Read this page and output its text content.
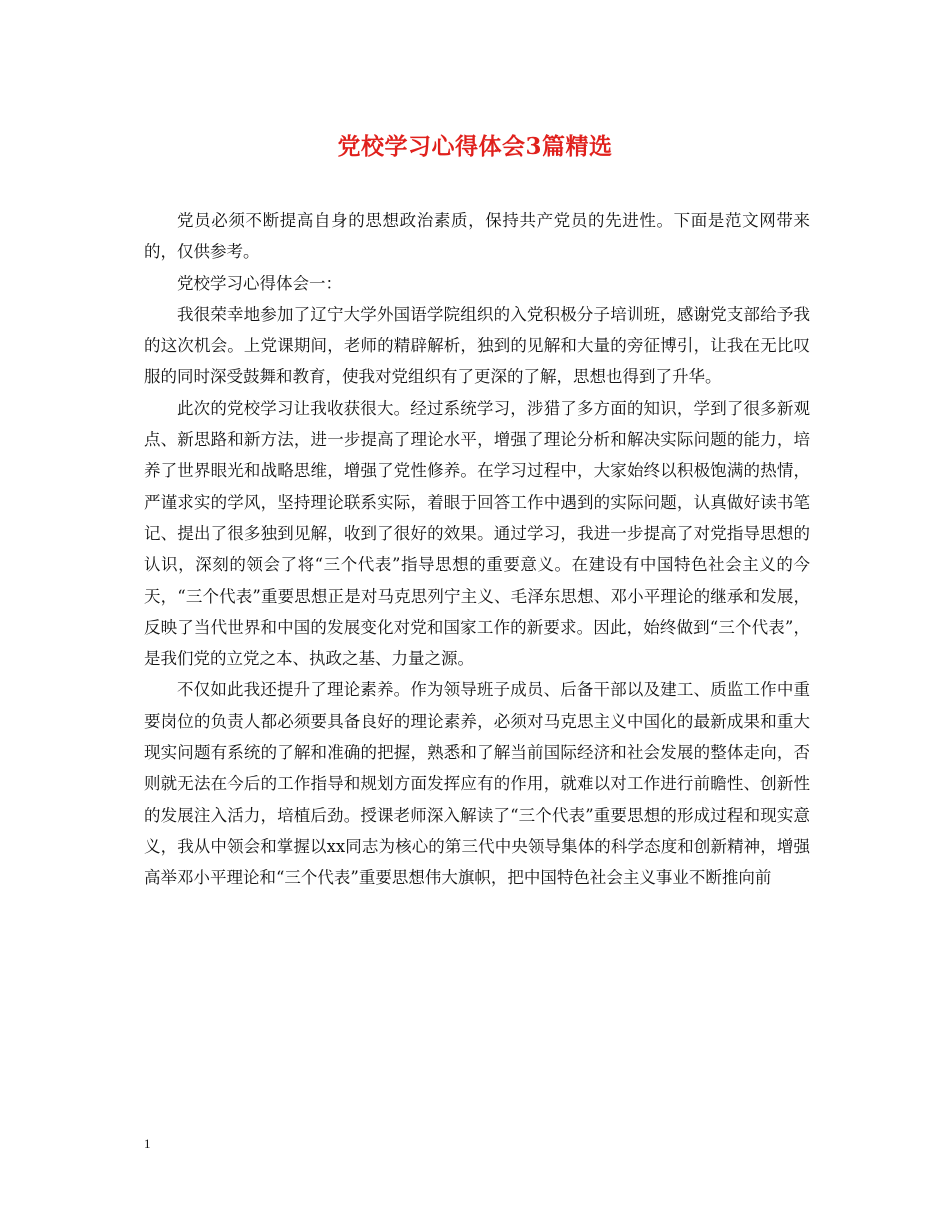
党校学习心得体会3篇精选

党员必须不断提高自身的思想政治素质，保持共产党员的先进性。下面是范文网带来的，仅供参考。

党校学习心得体会一：

我很荣幸地参加了辽宁大学外国语学院组织的入党积极分子培训班，感谢党支部给予我的这次机会。上党课期间，老师的精辟解析，独到的见解和大量的旁征博引，让我在无比叹服的同时深受鼓舞和教育，使我对党组织有了更深的了解，思想也得到了升华。

此次的党校学习让我收获很大。经过系统学习，涉猎了多方面的知识，学到了很多新观点、新思路和新方法，进一步提高了理论水平，增强了理论分析和解决实际问题的能力，培养了世界眼光和战略思维，增强了党性修养。在学习过程中，大家始终以积极饱满的热情，严谨求实的学风，坚持理论联系实际，着眼于回答工作中遇到的实际问题，认真做好读书笔记、提出了很多独到见解，收到了很好的效果。通过学习，我进一步提高了对党指导思想的认识，深刻的领会了将“三个代表”指导思想的重要意义。在建设有中国特色社会主义的今天，“三个代表”重要思想正是对马克思列宁主义、毛泽东思想、邓小平理论的继承和发展，反映了当代世界和中国的发展变化对党和国家工作的新要求。因此，始终做到“三个代表”，是我们党的立党之本、执政之基、力量之源。

不仅如此我还提升了理论素养。作为领导班子成员、后备干部以及建工、质监工作中重要岗位的负责人都必须要具备良好的理论素养，必须对马克思主义中国化的最新成果和重大现实问题有系统的了解和准确的把握，熟悉和了解当前国际经济和社会发展的整体走向，否则就无法在今后的工作指导和规划方面发挥应有的作用，就难以对工作进行前瞻性、创新性的发展注入活力，培植后劲。授课老师深入解读了“三个代表”重要思想的形成过程和现实意义，我从中领会和掌握以xx同志为核心的第三代中央领导集体的科学态度和创新精神，增强高举邓小平理论和“三个代表”重要思想伟大旗帜，把中国特色社会主义事业不断推向前

1
